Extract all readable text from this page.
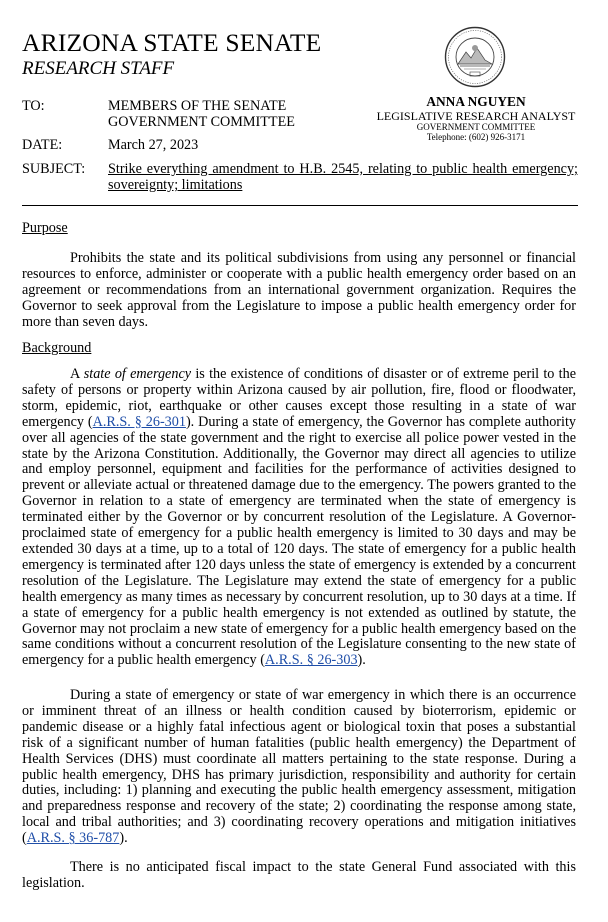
ARIZONA STATE SENATE
RESEARCH STAFF
TO:	MEMBERS OF THE SENATE
GOVERNMENT COMMITTEE
DATE:	March 27, 2023
SUBJECT: Strike everything amendment to H.B. 2545, relating to public health emergency; sovereignty; limitations
ANNA NGUYEN
LEGISLATIVE RESEARCH ANALYST
GOVERNMENT COMMITTEE
Telephone: (602) 926-3171
Purpose

Prohibits the state and its political subdivisions from using any personnel or financial resources to enforce, administer or cooperate with a public health emergency order based on an agreement or recommendations from an international government organization. Requires the Governor to seek approval from the Legislature to impose a public health emergency order for more than seven days.

Background

A state of emergency is the existence of conditions of disaster or of extreme peril to the safety of persons or property within Arizona caused by air pollution, fire, flood or floodwater, storm, epidemic, riot, earthquake or other causes except those resulting in a state of war emergency (A.R.S. § 26-301). During a state of emergency, the Governor has complete authority over all agencies of the state government and the right to exercise all police power vested in the state by the Arizona Constitution. Additionally, the Governor may direct all agencies to utilize and employ personnel, equipment and facilities for the performance of activities designed to prevent or alleviate actual or threatened damage due to the emergency. The powers granted to the Governor in relation to a state of emergency are terminated when the state of emergency is terminated either by the Governor or by concurrent resolution of the Legislature. A Governor-proclaimed state of emergency for a public health emergency is limited to 30 days and may be extended 30 days at a time, up to a total of 120 days. The state of emergency for a public health emergency is terminated after 120 days unless the state of emergency is extended by a concurrent resolution of the Legislature. The Legislature may extend the state of emergency for a public health emergency as many times as necessary by concurrent resolution, up to 30 days at a time. If a state of emergency for a public health emergency is not extended as outlined by statute, the Governor may not proclaim a new state of emergency for a public health emergency based on the same conditions without a concurrent resolution of the Legislature consenting to the new state of emergency for a public health emergency (A.R.S. § 26-303).

During a state of emergency or state of war emergency in which there is an occurrence or imminent threat of an illness or health condition caused by bioterrorism, epidemic or pandemic disease or a highly fatal infectious agent or biological toxin that poses a substantial risk of a significant number of human fatalities (public health emergency) the Department of Health Services (DHS) must coordinate all matters pertaining to the state response. During a public health emergency, DHS has primary jurisdiction, responsibility and authority for certain duties, including: 1) planning and executing the public health emergency assessment, mitigation and preparedness response and recovery of the state; 2) coordinating the response among state, local and tribal authorities; and 3) coordinating recovery operations and mitigation initiatives (A.R.S. § 36-787).

There is no anticipated fiscal impact to the state General Fund associated with this legislation.
